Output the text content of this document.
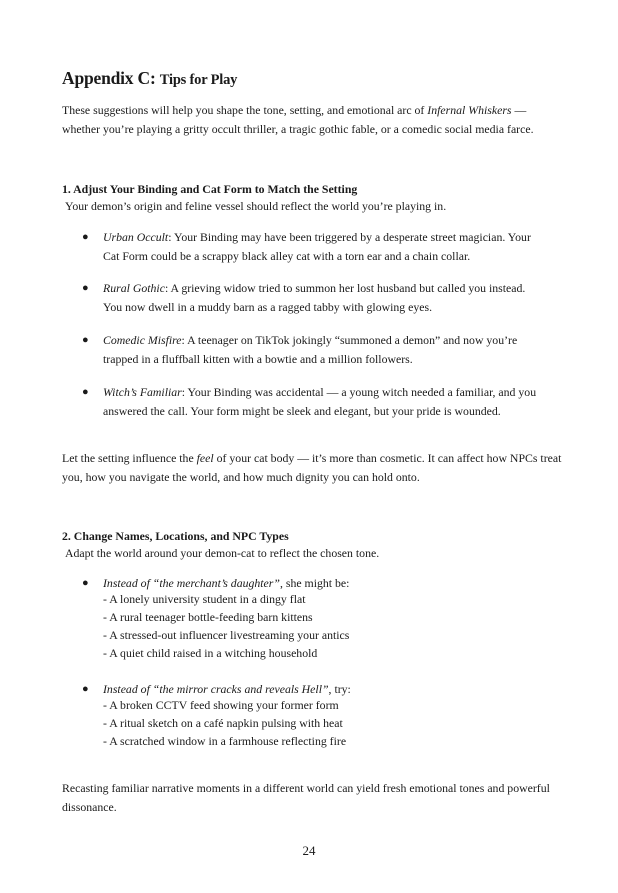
Appendix C: Tips for Play

These suggestions will help you shape the tone, setting, and emotional arc of Infernal Whiskers — whether you’re playing a gritty occult thriller, a tragic gothic fable, or a comedic social media farce.

1. Adjust Your Binding and Cat Form to Match the Setting

Your demon’s origin and feline vessel should reflect the world you’re playing in.

● Urban Occult: Your Binding may have been triggered by a desperate street magician. Your Cat Form could be a scrappy black alley cat with a torn ear and a chain collar.
● Rural Gothic: A grieving widow tried to summon her lost husband but called you instead. You now dwell in a muddy barn as a ragged tabby with glowing eyes.
● Comedic Misfire: A teenager on TikTok jokingly “summoned a demon” and now you’re trapped in a fluffball kitten with a bowtie and a million followers.
● Witch’s Familiar: Your Binding was accidental — a young witch needed a familiar, and you answered the call. Your form might be sleek and elegant, but your pride is wounded.

Let the setting influence the feel of your cat body — it’s more than cosmetic. It can affect how NPCs treat you, how you navigate the world, and how much dignity you can hold onto.

2. Change Names, Locations, and NPC Types

Adapt the world around your demon-cat to reflect the chosen tone.

● Instead of “the merchant’s daughter”, she might be:
- A lonely university student in a dingy flat
- A rural teenager bottle-feeding barn kittens
- A stressed-out influencer livestreaming your antics
- A quiet child raised in a witching household
● Instead of “the mirror cracks and reveals Hell”, try:
- A broken CCTV feed showing your former form
- A ritual sketch on a café napkin pulsing with heat
- A scratched window in a farmhouse reflecting fire

Recasting familiar narrative moments in a different world can yield fresh emotional tones and powerful dissonance.

24
